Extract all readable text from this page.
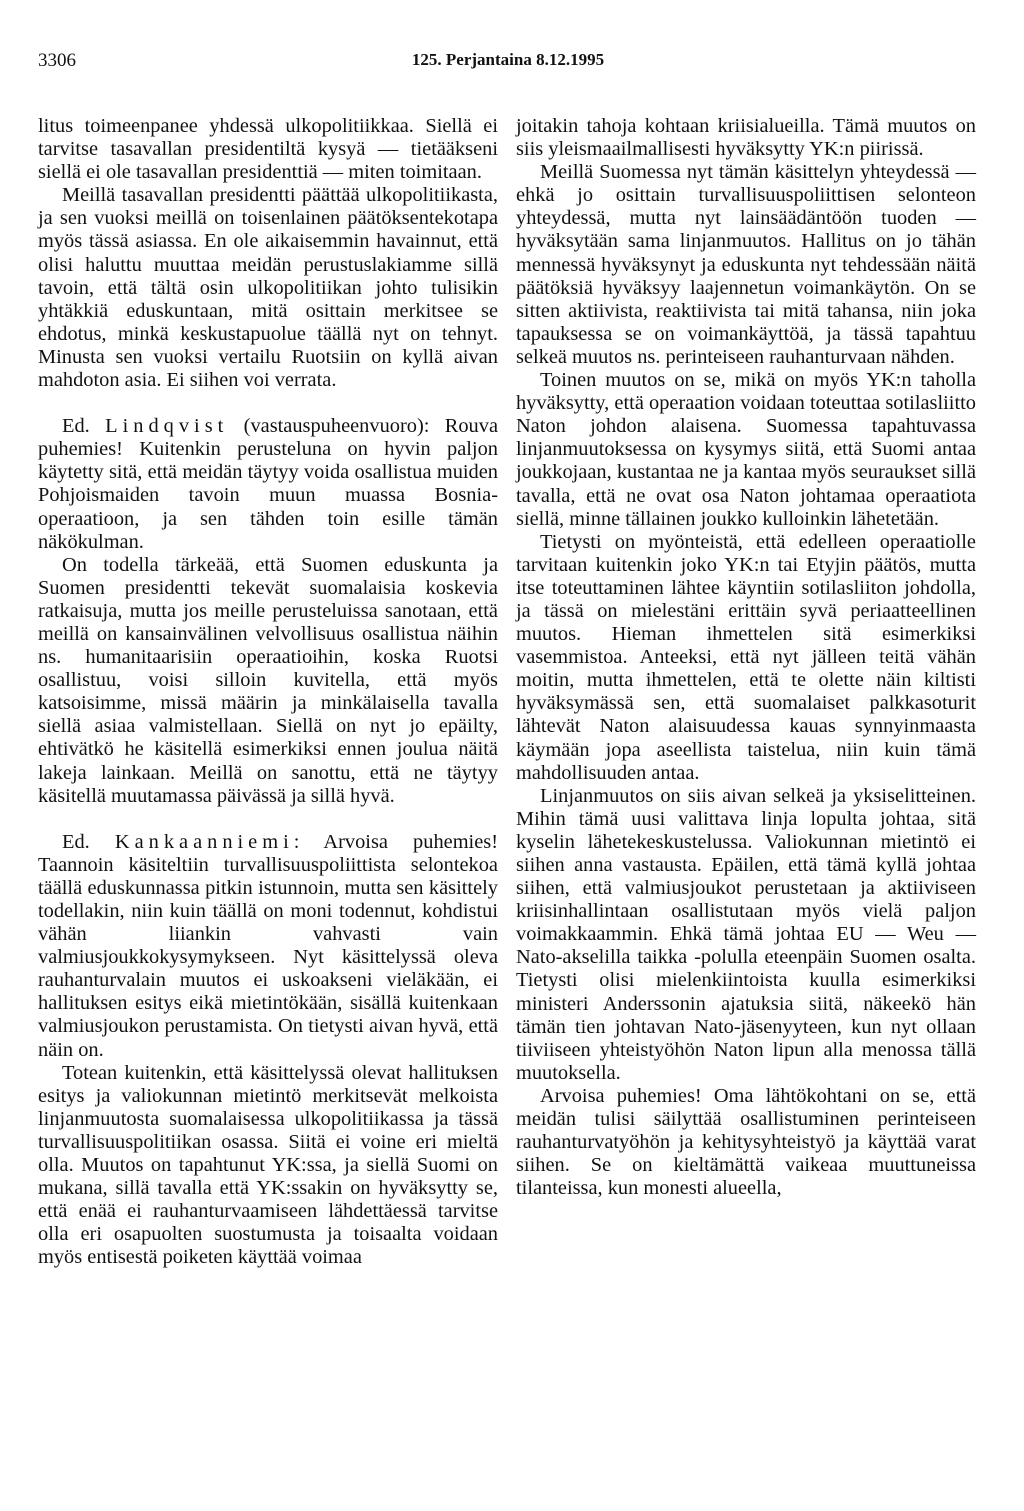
3306	125. Perjantaina 8.12.1995

litus toimeenpanee yhdessä ulkopolitiikkaa. Siellä ei tarvitse tasavallan presidentiltä kysyä — tietääkseni siellä ei ole tasavallan presidenttiä — miten toimitaan.

Meillä tasavallan presidentti päättää ulkopolitiikasta, ja sen vuoksi meillä on toisenlainen päätöksentekotapa myös tässä asiassa. En ole aikaisemmin havainnut, että olisi haluttu muuttaa meidän perustuslakiamme sillä tavoin, että tältä osin ulkopolitiikan johto tulisikin yhtäkkiä eduskuntaan, mitä osittain merkitsee se ehdotus, minkä keskustapuolue täällä nyt on tehnyt. Minusta sen vuoksi vertailu Ruotsiin on kyllä aivan mahdoton asia. Ei siihen voi verrata.

Ed. Lindqvist (vastauspuheenvuoro): Rouva puhemies! Kuitenkin perusteluna on hyvin paljon käytetty sitä, että meidän täytyy voida osallistua muiden Pohjoismaiden tavoin muun muassa Bosnia-operaatioon, ja sen tähden toin esille tämän näkökulman.

On todella tärkeää, että Suomen eduskunta ja Suomen presidentti tekevät suomalaisia koskevia ratkaisuja, mutta jos meille perusteluissa sanotaan, että meillä on kansainvälinen velvollisuus osallistua näihin ns. humanitaarisiin operaatioihin, koska Ruotsi osallistuu, voisi silloin kuvitella, että myös katsoisimme, missä määrin ja minkälaisella tavalla siellä asiaa valmistellaan. Siellä on nyt jo epäilty, ehtivätkö he käsitellä esimerkiksi ennen joulua näitä lakeja lainkaan. Meillä on sanottu, että ne täytyy käsitellä muutamassa päivässä ja sillä hyvä.

Ed. Kankaanniemi: Arvoisa puhemies! Taannoin käsiteltiin turvallisuuspoliittista selontekoa täällä eduskunnassa pitkin istunnoin, mutta sen käsittely todellakin, niin kuin täällä on moni todennut, kohdistui vähän liiankin vahvasti vain valmiusjoukkokysymykseen. Nyt käsittelyssä oleva rauhanturvalain muutos ei uskoakseni vieläkään, ei hallituksen esitys eikä mietintökään, sisällä kuitenkaan valmiusjoukon perustamista. On tietysti aivan hyvä, että näin on.

Totean kuitenkin, että käsittelyssä olevat hallituksen esitys ja valiokunnan mietintö merkitsevät melkoista linjanmuutosta suomalaisessa ulkopolitiikassa ja tässä turvallisuuspolitiikan osassa. Siitä ei voine eri mieltä olla. Muutos on tapahtunut YK:ssa, ja siellä Suomi on mukana, sillä tavalla että YK:ssakin on hyväksytty se, että enää ei rauhanturvaamiseen lähdettäessä tarvitse olla eri osapuolten suostumusta ja toisaalta voidaan myös entisestä poiketen käyttää voimaa

joitakin tahoja kohtaan kriisialueilla. Tämä muutos on siis yleismaailmallisesti hyväksytty YK:n piirissä.

Meillä Suomessa nyt tämän käsittelyn yhteydessä — ehkä jo osittain turvallisuuspoliittisen selonteon yhteydessä, mutta nyt lainsäädäntöön tuoden — hyväksytään sama linjanmuutos. Hallitus on jo tähän mennessä hyväksynyt ja eduskunta nyt tehdessään näitä päätöksiä hyväksyy laajennetun voimankäytön. On se sitten aktiivista, reaktiivista tai mitä tahansa, niin joka tapauksessa se on voimankäyttöä, ja tässä tapahtuu selkeä muutos ns. perinteiseen rauhanturvaan nähden.

Toinen muutos on se, mikä on myös YK:n taholla hyväksytty, että operaation voidaan toteuttaa sotilasliitto Naton johdon alaisena. Suomessa tapahtuvassa linjanmuutoksessa on kysymys siitä, että Suomi antaa joukkojaan, kustantaa ne ja kantaa myös seuraukset sillä tavalla, että ne ovat osa Naton johtamaa operaatiota siellä, minne tällainen joukko kulloinkin lähetetään.

Tietysti on myönteistä, että edelleen operaatiolle tarvitaan kuitenkin joko YK:n tai Etyjin päätös, mutta itse toteuttaminen lähtee käyntiin sotilasliiton johdolla, ja tässä on mielestäni erittäin syvä periaatteellinen muutos. Hieman ihmettelen sitä esimerkiksi vasemmistoa. Anteeksi, että nyt jälleen teitä vähän moitin, mutta ihmettelen, että te olette näin kiltisti hyväksymässä sen, että suomalaiset palkkasoturit lähtevät Naton alaisuudessa kauas synnyinmaasta käymään jopa aseellista taistelua, niin kuin tämä mahdollisuuden antaa.

Linjanmuutos on siis aivan selkeä ja yksiselitteinen. Mihin tämä uusi valittava linja lopulta johtaa, sitä kyselin lähetekeskustelussa. Valiokunnan mietintö ei siihen anna vastausta. Epäilen, että tämä kyllä johtaa siihen, että valmiusjoukot perustetaan ja aktiiviseen kriisinhallintaan osallistutaan myös vielä paljon voimakkaammin. Ehkä tämä johtaa EU — Weu — Nato-akselilla taikka -polulla eteenpäin Suomen osalta. Tietysti olisi mielenkiintoista kuulla esimerkiksi ministeri Anderssonin ajatuksia siitä, näkeekö hän tämän tien johtavan Nato-jäsenyyteen, kun nyt ollaan tiiviiseen yhteistyöhön Naton lipun alla menossa tällä muutoksella.

Arvoisa puhemies! Oma lähtökohtani on se, että meidän tulisi säilyttää osallistuminen perinteiseen rauhanturvatyöhön ja kehitysyhteistyö ja käyttää varat siihen. Se on kieltämättä vaikeaa muuttuneissa tilanteissa, kun monesti alueella,
